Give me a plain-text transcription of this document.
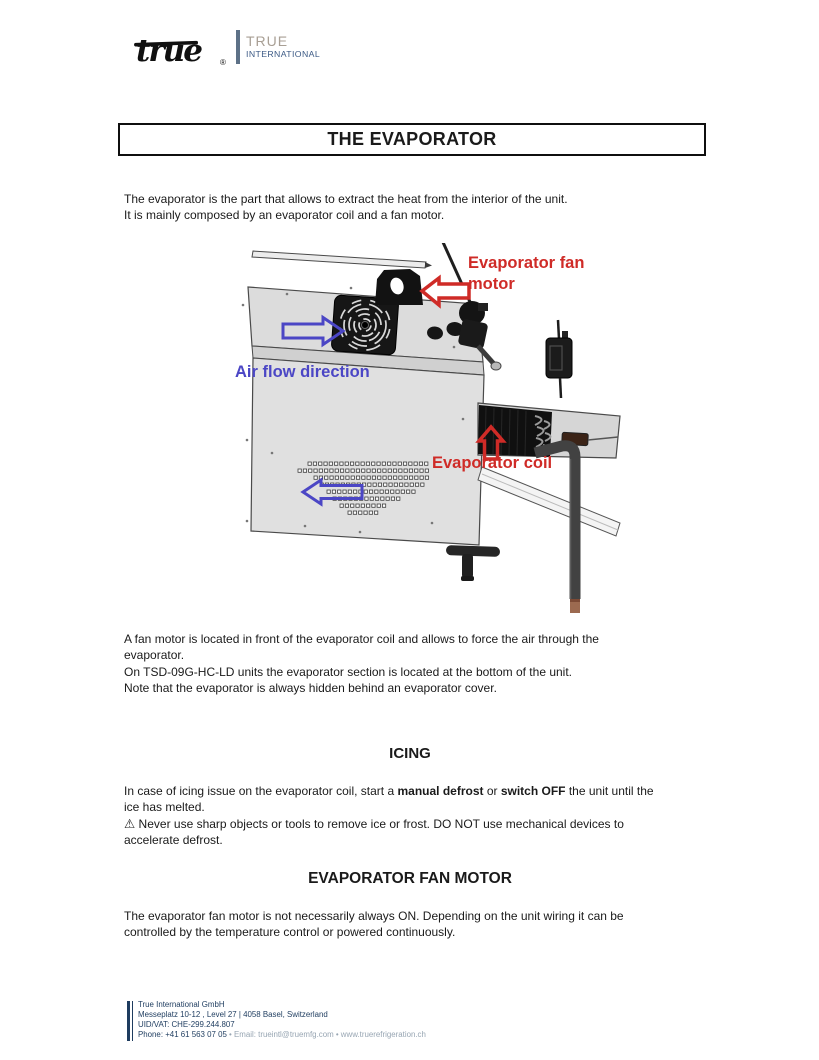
true ®
TRUE
INTERNATIONAL
THE EVAPORATOR
The evaporator is the part that allows to extract the heat from the interior of the unit.
It is mainly composed by an evaporator coil and a fan motor.
Evaporator fan motor
Air flow direction
Evaporator coil
A fan motor is located in front of the evaporator coil and allows to force the air through the
evaporator.
On TSD-09G-HC-LD units the evaporator section is located at the bottom of the unit.
Note that the evaporator is always hidden behind an evaporator cover.
ICING
In case of icing issue on the evaporator coil, start a manual defrost or switch OFF the unit until the
ice has melted.
⚠ Never use sharp objects or tools to remove ice or frost. DO NOT use mechanical devices to
accelerate defrost.
EVAPORATOR FAN MOTOR
The evaporator fan motor is not necessarily always ON. Depending on the unit wiring it can be
controlled by the temperature control or powered continuously.
True International GmbH
Messeplatz 10-12 , Level 27 | 4058 Basel, Switzerland
UID/VAT: CHE-299.244.807
Phone: +41 61 563 07 05 • Email: trueintl@truemfg.com • www.truerefrigeration.ch
